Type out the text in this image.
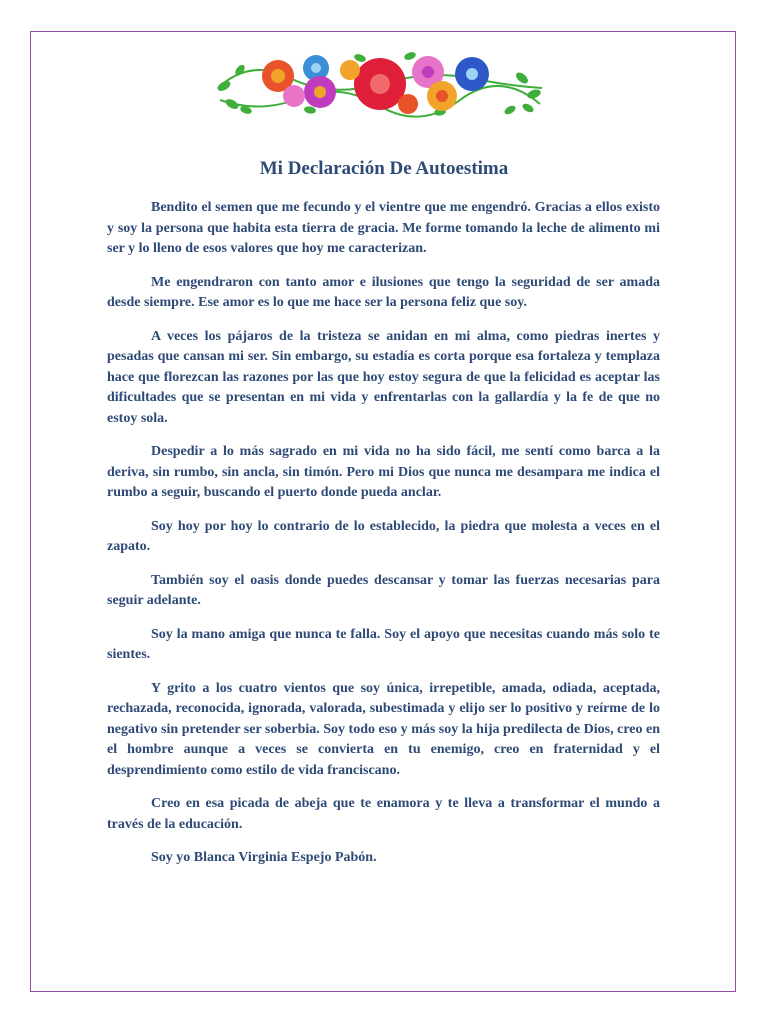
Mi Declaración De Autoestima

Bendito el semen que me fecundo y el vientre que me engendró. Gracias a ellos existo y soy la persona que habita esta tierra de gracia. Me forme tomando la leche de alimento mi ser y lo lleno de esos valores que hoy me caracterizan.

Me engendraron con tanto amor e ilusiones que tengo la seguridad de ser amada desde siempre. Ese amor es lo que me hace ser la persona feliz que soy.

A veces los pájaros de la tristeza se anidan en mi alma, como piedras inertes y pesadas que cansan mi ser. Sin embargo, su estadía es corta porque esa fortaleza y templaza hace que florezcan las razones por las que hoy estoy segura de que la felicidad es aceptar las dificultades que se presentan en mi vida y enfrentarlas con la gallardía y la fe de que no estoy sola.

Despedir a lo más sagrado en mi vida no ha sido fácil, me sentí como barca a la deriva, sin rumbo, sin ancla, sin timón. Pero mi Dios que nunca me desampara me indica el rumbo a seguir, buscando el puerto donde pueda anclar.

Soy hoy por hoy lo contrario de lo establecido, la piedra que molesta a veces en el zapato.

También soy el oasis donde puedes descansar y tomar las fuerzas necesarias para seguir adelante.

Soy la mano amiga que nunca te falla. Soy el apoyo que necesitas cuando más solo te sientes.

Y grito a los cuatro vientos que soy única, irrepetible, amada, odiada, aceptada, rechazada, reconocida, ignorada, valorada, subestimada y elijo ser lo positivo y reírme de lo negativo sin pretender ser soberbia. Soy todo eso y más soy la hija predilecta de Dios, creo en el hombre aunque a veces se convierta en tu enemigo, creo en fraternidad y el desprendimiento como estilo de vida franciscano.

Creo en esa picada de abeja que te enamora y te lleva a transformar el mundo a través de la educación.

Soy yo Blanca Virginia Espejo Pabón.
